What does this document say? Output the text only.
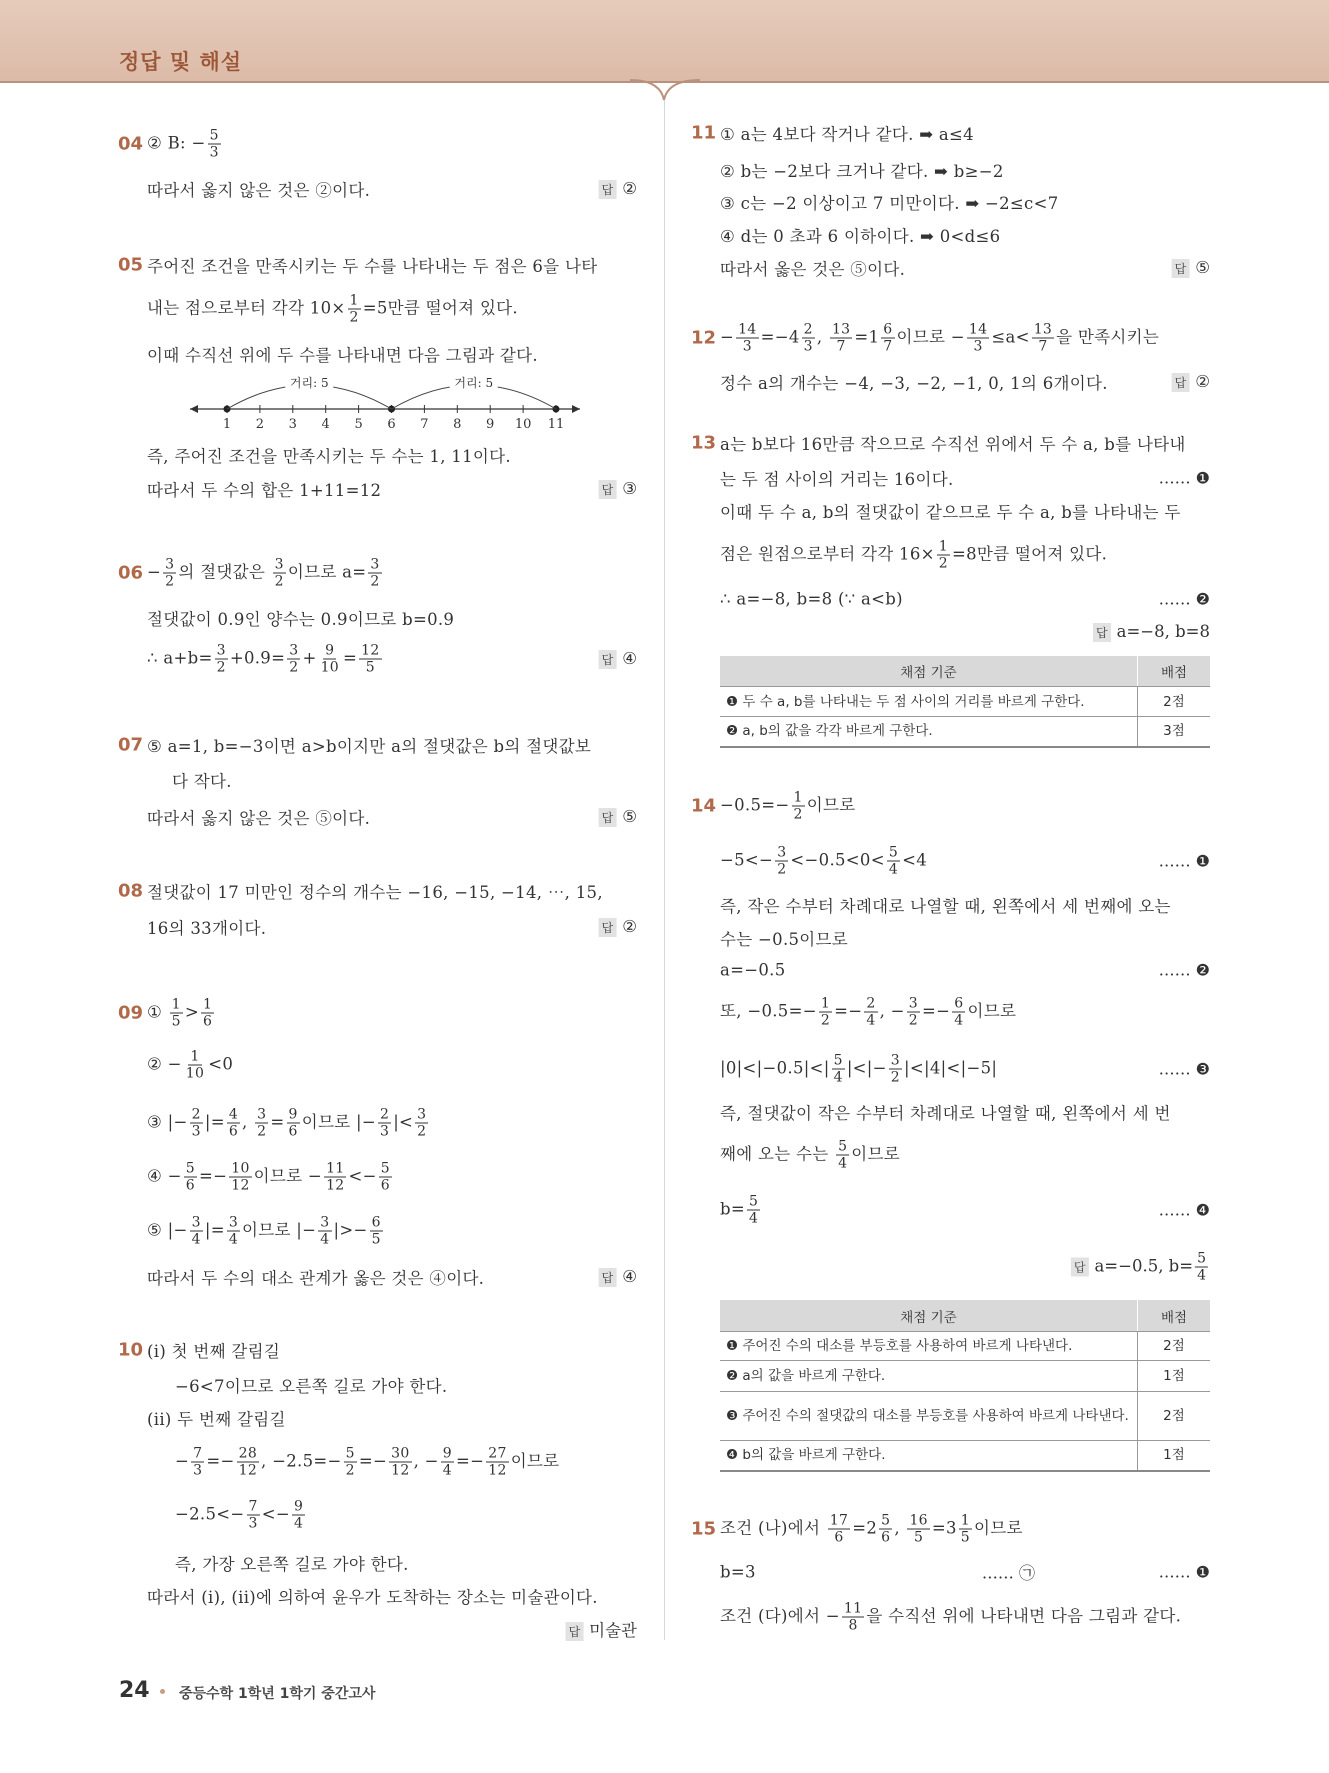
정답 및 해설
04 ② B: − $\frac{5}{3}$
따라서 옳지 않은 것은 ②이다.	답 ②
05 주어진 조건을 만족시키는 두 수를 나타내는 두 점은 6을 나타
내는 점으로부터 각각 $10\times \frac{1}{2} =5$만큼 떨어져 있다.
이때 수직선 위에 두 수를 나타내면 다음 그림과 같다.
즉, 주어진 조건을 만족시키는 두 수는 1, 11이다.
따라서 두 수의 합은 1+11=12	답 ③
1 2 3 4 5 6 7 8 9 10 11
거리: 5	거리: 5
$06 - \frac{3}{2}$ 의 절댓값은 $\frac{3}{2}$ 이므로 $a= \frac{3}{2}$
절댓값이 0.9인 양수는 0.9이므로 b=0.9
∴ $a+b= \frac{3}{2} +0.9= \frac{3}{2} + \frac{9}{10} = \frac{12}{5}$	답 ④
07 ⑤ a=1, b=−3이면 a>b이지만 a의 절댓값은 b의 절댓값보
다 작다.
따라서 옳지 않은 것은 ⑤이다.	답 ⑤
08 절댓값이 17 미만인 정수의 개수는 −16, −15, −14, ⋯, 15,
16의 33개이다.	답 ②
09 ① $\frac{1}{5} > \frac{1}{6}$
② − $\frac{1}{10} <0$
③ |− $\frac{2}{3}$ |= $\frac{4}{6}$ , $\frac{3}{2} = \frac{9}{6}$ 이므로 |− $\frac{2}{3}$ |< $\frac{3}{2}$
④ − $\frac{5}{6} =- \frac{10}{12}$ 이므로 − $\frac{11}{12} <- \frac{5}{6}$
⑤ |− $\frac{3}{4}$ |= $\frac{3}{4}$ 이므로 |− $\frac{3}{4}$ |>− $\frac{6}{5}$
따라서 두 수의 대소 관계가 옳은 것은 ④이다.	답 ④
10 (i) 첫 번째 갈림길
−6<7이므로 오른쪽 길로 가야 한다.
(ii) 두 번째 갈림길
− $\frac{7}{3} =- \frac{28}{12}$ , $-2.5=- \frac{5}{2} =- \frac{30}{12}$ , − $\frac{9}{4} =- \frac{27}{12}$ 이므로
$-2.5<- \frac{7}{3} <- \frac{9}{4}$
즉, 가장 오른쪽 길로 가야 한다.
따라서 (i), (ii)에 의하여 윤우가 도착하는 장소는 미술관이다.
답 미술관
11 ① a는 4보다 작거나 같다. ➡ a≤4
② b는 −2보다 크거나 같다. ➡ b≥−2
③ c는 −2 이상이고 7 미만이다. ➡ −2≤c<7
④ d는 0 초과 6 이하이다. ➡ 0<d≤6
따라서 옳은 것은 ⑤이다.	답 ⑤
$12 - \frac{14}{3} =-4 \frac{2}{3}$ , $\frac{13}{7} =1 \frac{6}{7}$ 이므로 − $\frac{14}{3} \le a< \frac{13}{7}$ 을 만족시키는
정수 a의 개수는 −4, −3, −2, −1, 0, 1의 6개이다.	답 ②
13 a는 b보다 16만큼 작으므로 수직선 위에서 두 수 a, b를 나타내
는 두 점 사이의 거리는 16이다.	…… ❶
이때 두 수 a, b의 절댓값이 같으므로 두 수 a, b를 나타내는 두
점은 원점으로부터 각각 $16\times \frac{1}{2} =8$만큼 떨어져 있다.
∴ a=−8, b=8 (∵ a<b)	…… ❷
답 a=−8, b=8
채점 기준	배점
❶ 두 수 a, b를 나타내는 두 점 사이의 거리를 바르게 구한다.	2점
❷ a, b의 값을 각각 바르게 구한다.	3점
$14 -0.5=- \frac{1}{2}$ 이므로
$-5<- \frac{3}{2} <-0.5<0< \frac{5}{4} <4$	…… ❶
즉, 작은 수부터 차례대로 나열할 때, 왼쪽에서 세 번째에 오는
수는 −0.5이므로
a=−0.5	…… ❷
또, $-0.5=- \frac{1}{2} =- \frac{2}{4}$ , − $\frac{3}{2} =- \frac{6}{4}$ 이므로
$|0|<|-0.5|<| \frac{5}{4}$ |<|− $\frac{3}{2} |<|4|<|-5|$	…… ❸
즉, 절댓값이 작은 수부터 차례대로 나열할 때, 왼쪽에서 세 번
째에 오는 수는 $\frac{5}{4}$ 이므로
$b= \frac{5}{4}$	…… ❹
답 a=−0.5, $b= \frac{5}{4}$
채점 기준	배점
❶ 주어진 수의 대소를 부등호를 사용하여 바르게 나타낸다.	2점
❷ a의 값을 바르게 구한다.	1점
❸ 주어진 수의 절댓값의 대소를 부등호를 사용하여 바르게 나타낸다.	2점
❹ b의 값을 바르게 구한다.	1점
15 조건 (나)에서 $\frac{17}{6} =2 \frac{5}{6}$ , $\frac{16}{5} =3 \frac{1}{5}$ 이므로
b=3	…… ❶
…… ㉠
조건 (다)에서 − $\frac{11}{8}$ 을 수직선 위에 나타내면 다음 그림과 같다.
24 중등수학 1학년 1학기 중간고사
